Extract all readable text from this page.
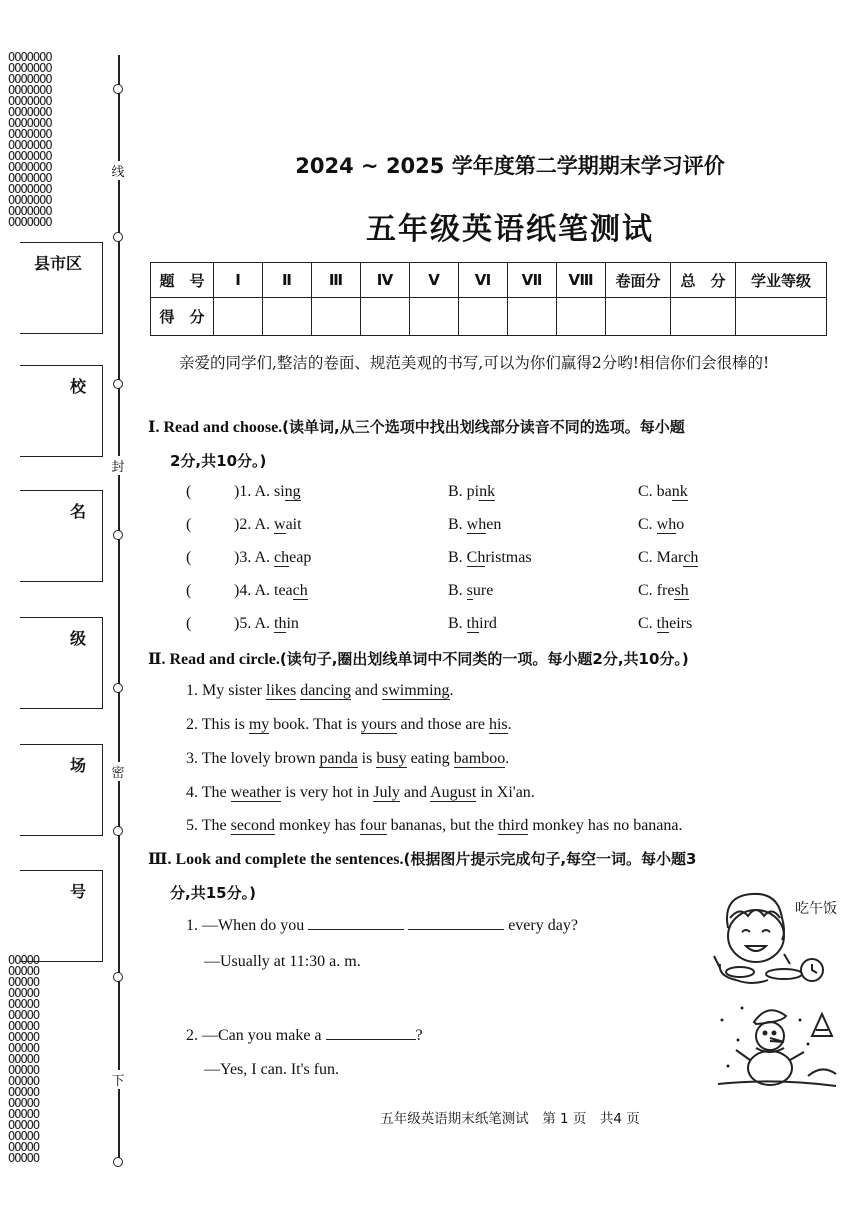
OOOOOOO
OOOOOOO
OOOOOOO
OOOOOOO
OOOOOOO
OOOOOOO
OOOOOOO
OOOOOOO
OOOOOOO
OOOOOOO
OOOOOOO
OOOOOOO
OOOOOOO
OOOOOOO
OOOOOOO
OOOOOOO
OOOOO
OOOOO
OOOOO
OOOOO
OOOOO
OOOOO
OOOOO
OOOOO
OOOOO
OOOOO
OOOOO
OOOOO
OOOOO
OOOOO
OOOOO
OOOOO
OOOOO
OOOOO
OOOOO
线
封
密
下
县市区
校
名
级
场
号
2024 ~ 2025 学年度第二学期期末学习评价
五年级英语纸笔测试
题　号	Ⅰ	Ⅱ	Ⅲ	Ⅳ	Ⅴ	Ⅵ	Ⅶ	Ⅷ	卷面分	总　分	学业等级
得　分											
亲爱的同学们,整洁的卷面、规范美观的书写,可以为你们赢得2分哟!相信你们会很棒的!
Ⅰ. Read and choose.(读单词,从三个选项中找出划线部分读音不同的选项。每小题
2分,共10分。)
(	)1. A. sing	B. pink	C. bank
(	)2. A. wait	B. when	C. who
(	)3. A. cheap	B. Christmas	C. March
(	)4. A. teach	B. sure	C. fresh
(	)5. A. thin	B. third	C. theirs
Ⅱ. Read and circle.(读句子,圈出划线单词中不同类的一项。每小题2分,共10分。)
1. My sister likes dancing and swimming.
2. This is my book. That is yours and those are his.
3. The lovely brown panda is busy eating bamboo.
4. The weather is very hot in July and August in Xi'an.
5. The second monkey has four bananas, but the third monkey has no banana.
Ⅲ. Look and complete the sentences.(根据图片提示完成句子,每空一词。每小题3
分,共15分。)
1. —When do you	every day?
—Usually at 11:30 a. m.
2. —Can you make a	?
—Yes, I can. It's fun.
吃午饭
五年级英语期末纸笔测试　第 1 页　共4 页
